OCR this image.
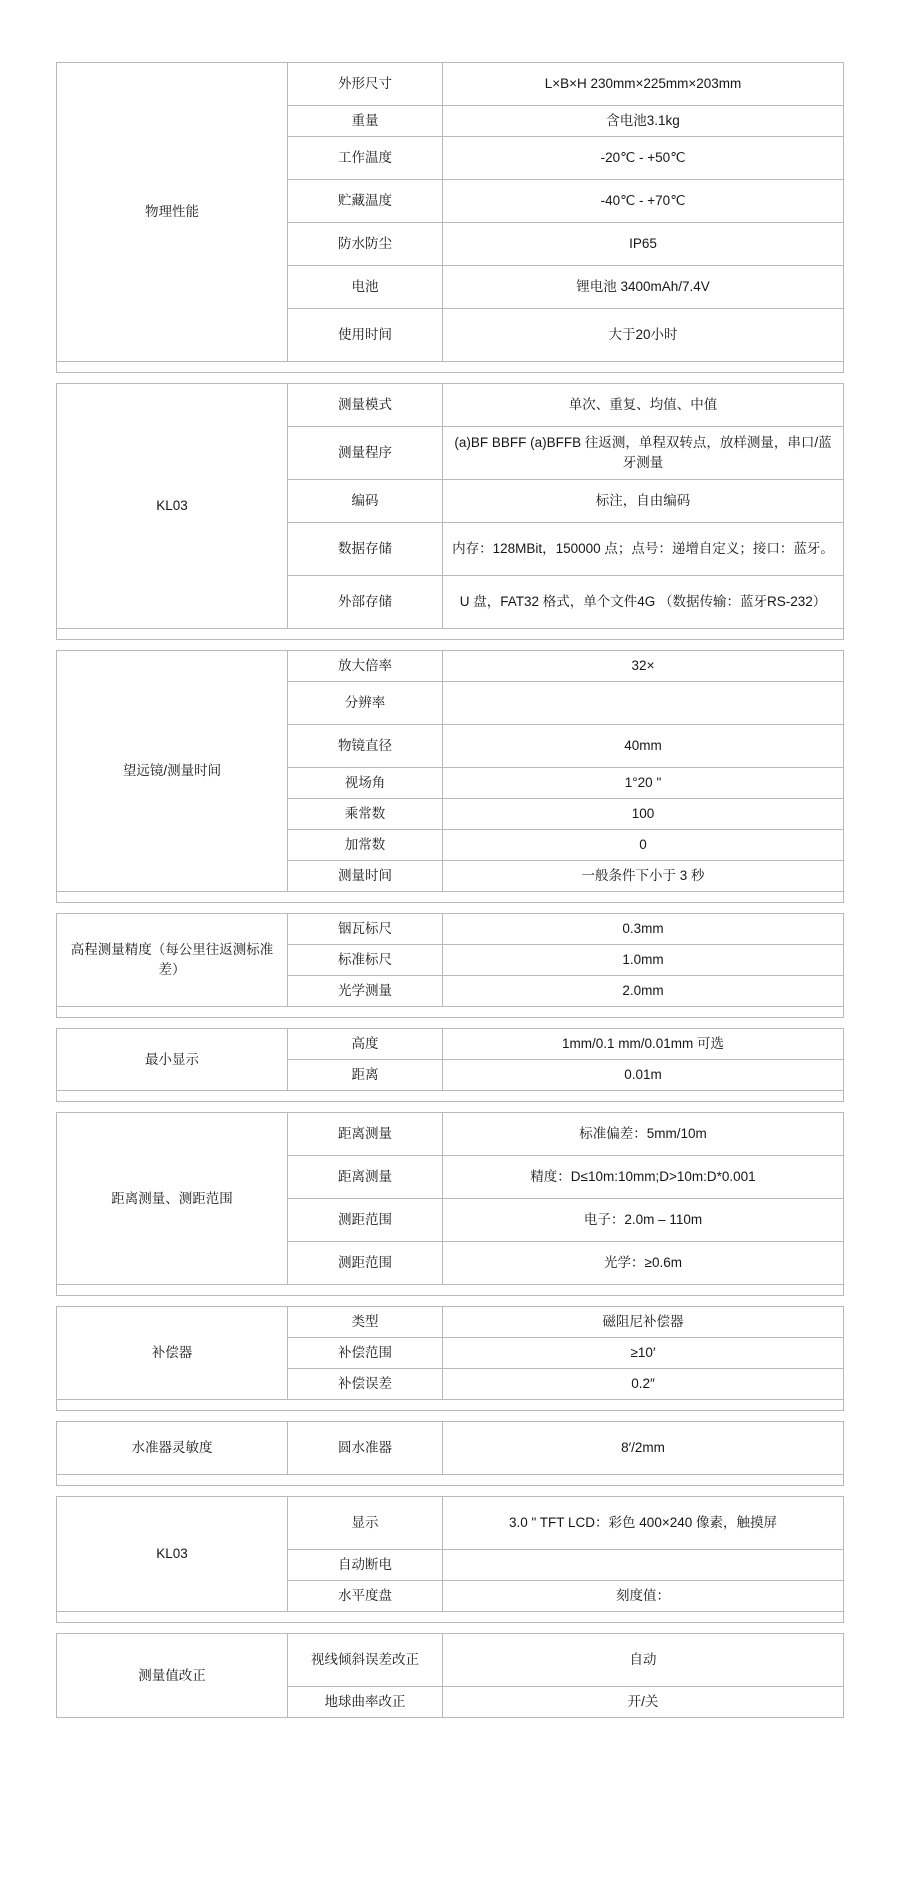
物理性能	外形尺寸	L×B×H 230mm×225mm×203mm
	重量	含电池3.1kg
	工作温度	-20℃ - +50℃
	贮藏温度	-40℃ - +70℃
	防水防尘	IP65
	电池	锂电池 3400mAh/7.4V
	使用时间	大于20小时

KL03	测量模式	单次、重复、均值、中值
	测量程序	(a)BF BBFF (a)BFFB 往返测，单程双转点，放样测量，串口/蓝牙测量
	编码	标注，自由编码
	数据存储	内存：128MBit，150000 点；点号：递增自定义；接口：蓝牙。
	外部存储	U 盘，FAT32 格式，单个文件4G （数据传输：蓝牙RS-232）

望远镜/测量时间	放大倍率	32×
	分辨率	
	物镜直径	40mm
	视场角	1°20 "
	乘常数	100
	加常数	0
	测量时间	一般条件下小于 3 秒

高程测量精度（每公里往返测标准差）	铟瓦标尺	0.3mm
	标准标尺	1.0mm
	光学测量	2.0mm

最小显示	高度	1mm/0.1 mm/0.01mm 可选
	距离	0.01m

距离测量、测距范围	距离测量	标准偏差：5mm/10m
	距离测量	精度：D≤10m:10mm;D>10m:D*0.001
	测距范围	电子：2.0m – 110m
	测距范围	光学：≥0.6m

补偿器	类型	磁阻尼补偿器
	补偿范围	≥10′
	补偿误差	0.2″

水准器灵敏度	圆水准器	8′/2mm

KL03	显示	3.0 " TFT LCD：彩色 400×240 像素，触摸屏
	自动断电	
	水平度盘	刻度值：

测量值改正	视线倾斜误差改正	自动
	地球曲率改正	开/关
